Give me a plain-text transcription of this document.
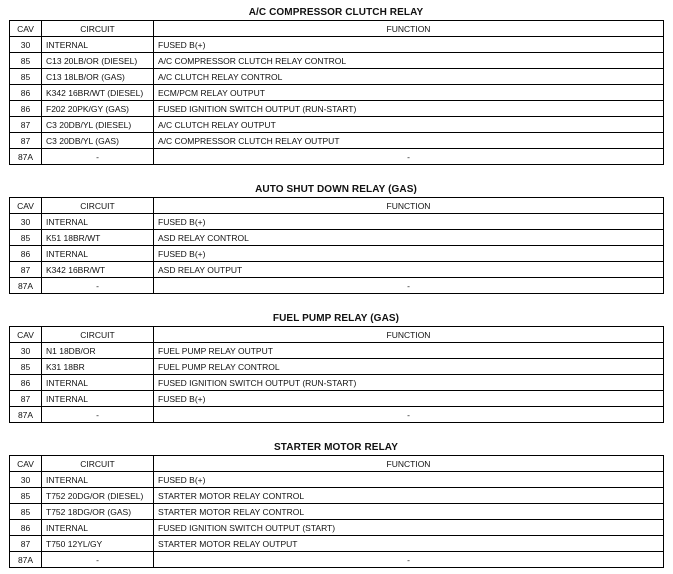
A/C COMPRESSOR CLUTCH RELAY
CAV	CIRCUIT	FUNCTION
30	INTERNAL	FUSED B(+)
85	C13 20LB/OR (DIESEL)	A/C COMPRESSOR CLUTCH RELAY CONTROL
85	C13 18LB/OR (GAS)	A/C CLUTCH RELAY CONTROL
86	K342 16BR/WT (DIESEL)	ECM/PCM RELAY OUTPUT
86	F202 20PK/GY (GAS)	FUSED IGNITION SWITCH OUTPUT (RUN-START)
87	C3 20DB/YL (DIESEL)	A/C CLUTCH RELAY OUTPUT
87	C3 20DB/YL (GAS)	A/C COMPRESSOR CLUTCH RELAY OUTPUT
87A	-	-
AUTO SHUT DOWN RELAY (GAS)
CAV	CIRCUIT	FUNCTION
30	INTERNAL	FUSED B(+)
85	K51 18BR/WT	ASD RELAY CONTROL
86	INTERNAL	FUSED B(+)
87	K342 16BR/WT	ASD RELAY OUTPUT
87A	-	-
FUEL PUMP RELAY (GAS)
CAV	CIRCUIT	FUNCTION
30	N1 18DB/OR	FUEL PUMP RELAY OUTPUT
85	K31 18BR	FUEL PUMP RELAY CONTROL
86	INTERNAL	FUSED IGNITION SWITCH OUTPUT (RUN-START)
87	INTERNAL	FUSED B(+)
87A	-	-
STARTER MOTOR RELAY
CAV	CIRCUIT	FUNCTION
30	INTERNAL	FUSED B(+)
85	T752 20DG/OR (DIESEL)	STARTER MOTOR RELAY CONTROL
85	T752 18DG/OR (GAS)	STARTER MOTOR RELAY CONTROL
86	INTERNAL	FUSED IGNITION SWITCH OUTPUT (START)
87	T750 12YL/GY	STARTER MOTOR RELAY OUTPUT
87A	-	-
